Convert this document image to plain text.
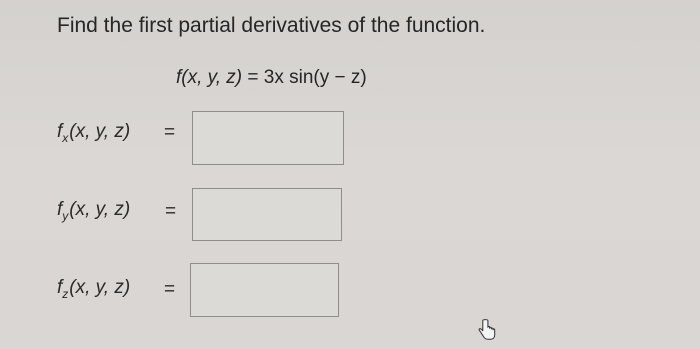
Find the first partial derivatives of the function.
f(x, y, z) = 3x sin(y − z)
$f_x(x$, y, z) =
$f_y(x$, y, z) =
$f_z(x$, y, z) =
